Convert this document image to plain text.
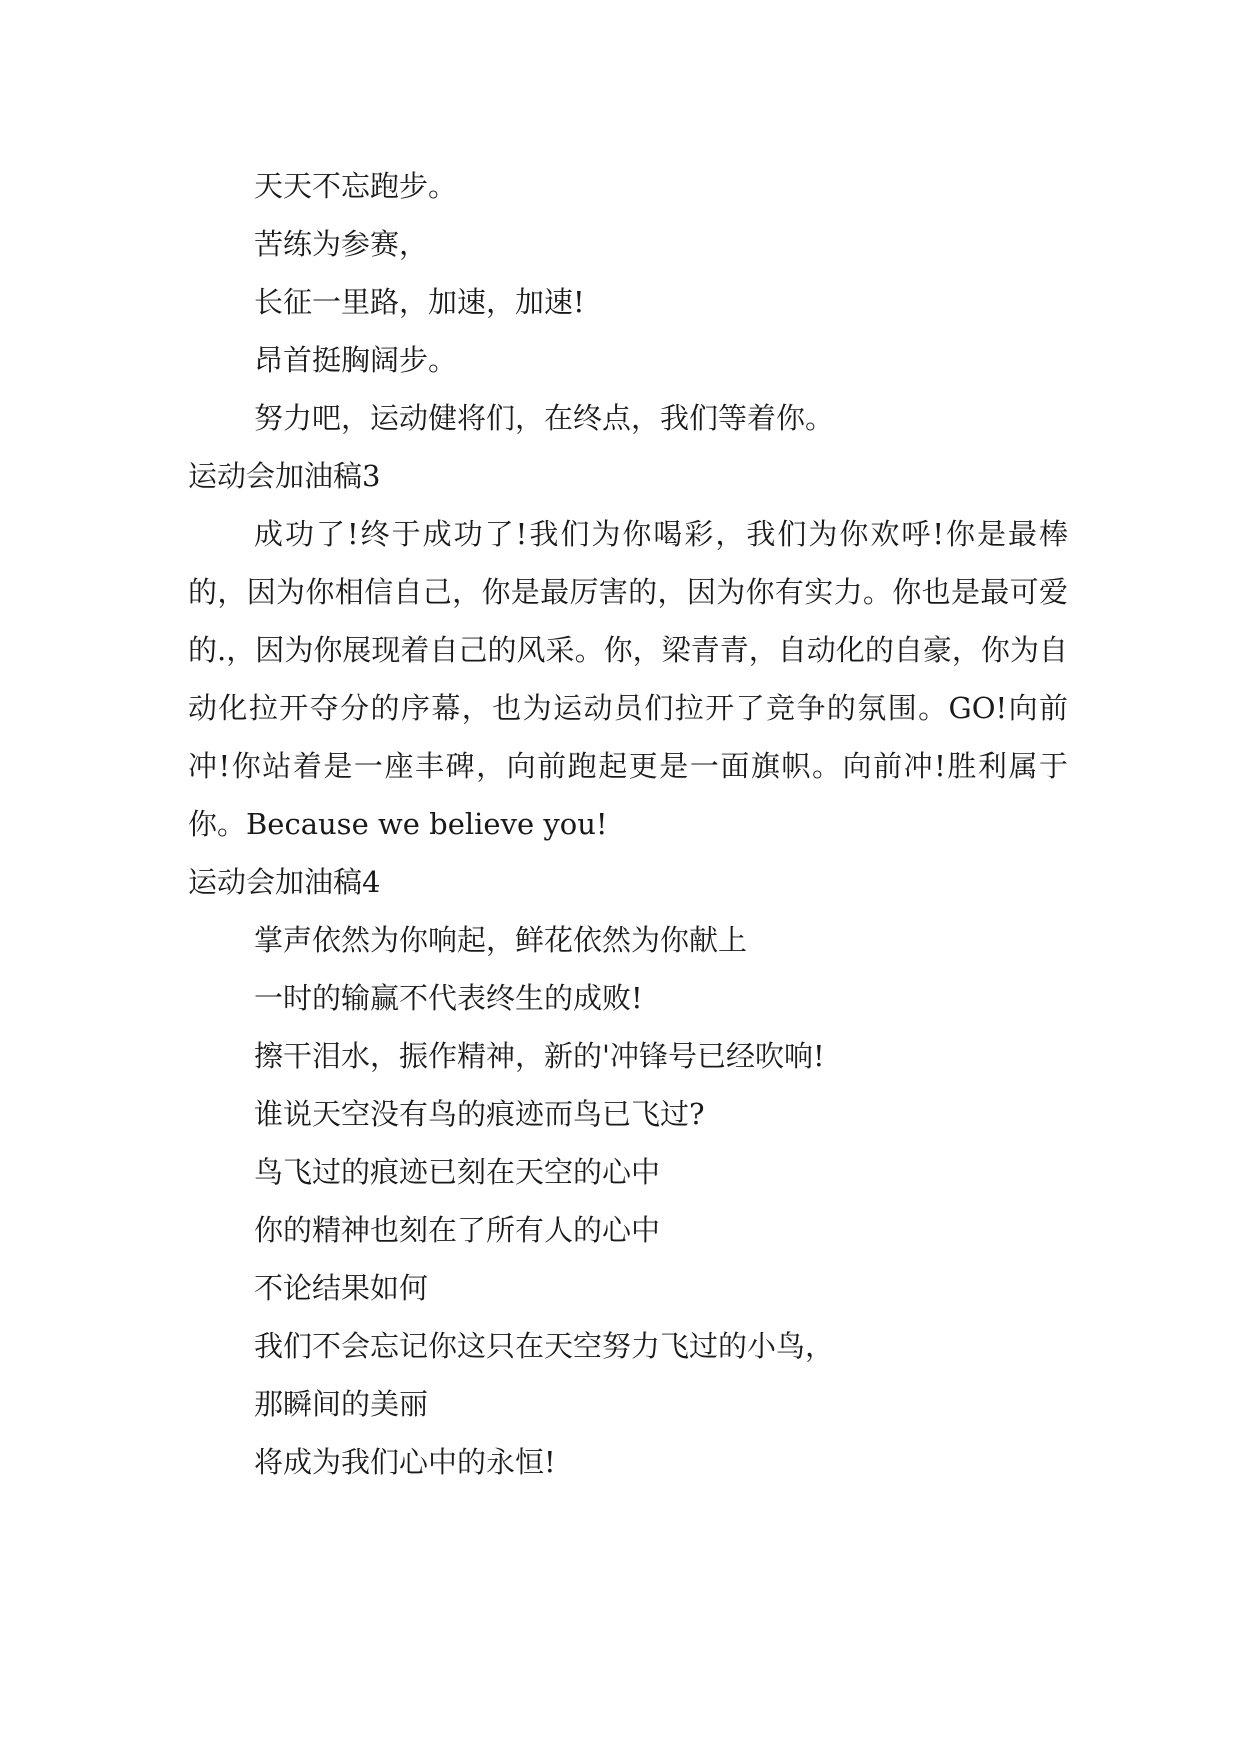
天天不忘跑步。
苦练为参赛，
长征一里路，加速，加速!
昂首挺胸阔步。
努力吧，运动健将们，在终点，我们等着你。
运动会加油稿3
成功了!终于成功了!我们为你喝彩，我们为你欢呼!你是最棒的，因为你相信自己，你是最厉害的，因为你有实力。你也是最可爱的.，因为你展现着自己的风采。你，梁青青，自动化的自豪，你为自动化拉开夺分的序幕，也为运动员们拉开了竞争的氛围。GO!向前冲!你站着是一座丰碑，向前跑起更是一面旗帜。向前冲!胜利属于你。Because we believe you!
运动会加油稿4
掌声依然为你响起，鲜花依然为你献上
一时的输赢不代表终生的成败!
擦干泪水，振作精神，新的'冲锋号已经吹响!
谁说天空没有鸟的痕迹而鸟已飞过?
鸟飞过的痕迹已刻在天空的心中
你的精神也刻在了所有人的心中
不论结果如何
我们不会忘记你这只在天空努力飞过的小鸟，
那瞬间的美丽
将成为我们心中的永恒!
